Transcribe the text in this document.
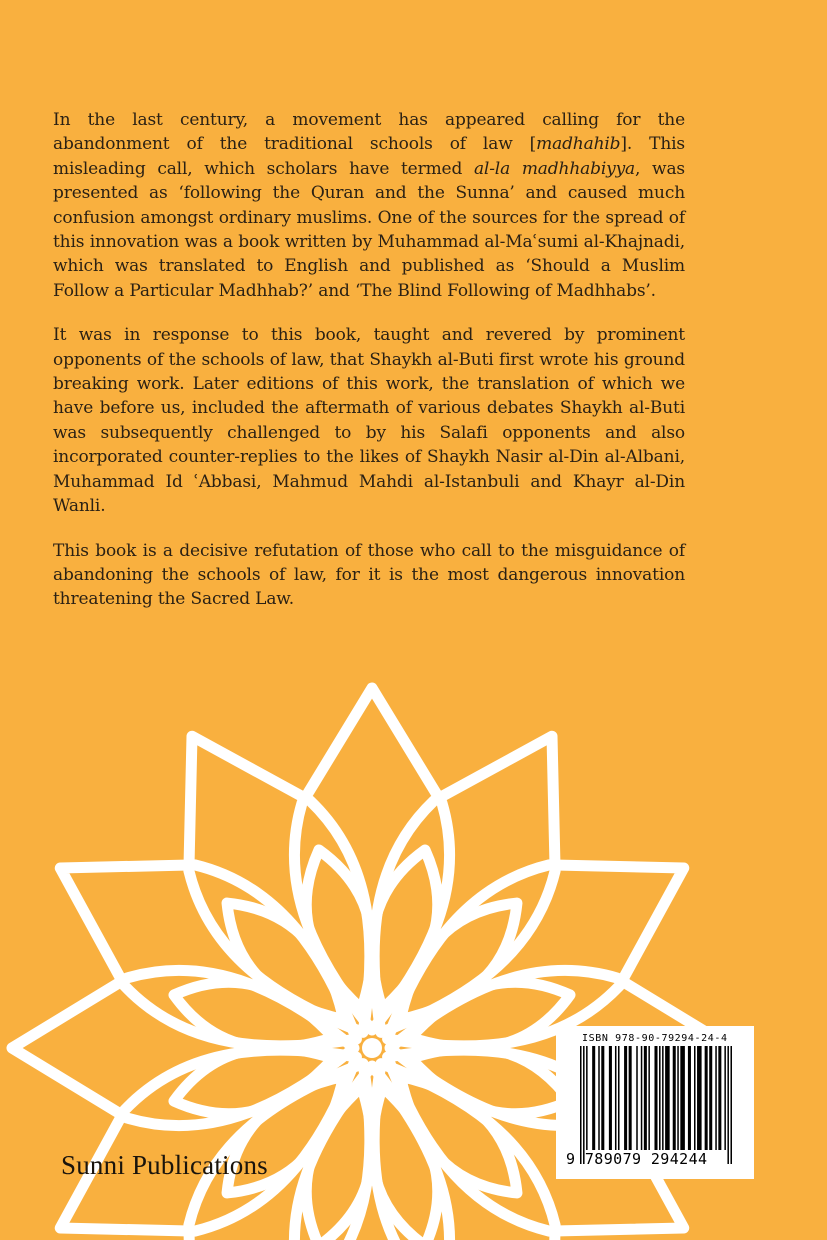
In the last century, a movement has appeared calling for the abandonment of the traditional schools of law [madhahib]. This misleading call, which scholars have termed al-la madhhabiyya, was presented as ‘following the Quran and the Sunna’ and caused much confusion amongst ordinary muslims. One of the sources for the spread of this innovation was a book written by Muhammad al-Maʿsumi al-Khajnadi, which was translated to English and published as ‘Should a Muslim Follow a Particular Madhhab?’ and ‘The Blind Following of Madhhabs’.

It was in response to this book, taught and revered by prominent opponents of the schools of law, that Shaykh al-Buti first wrote his ground breaking work. Later editions of this work, the translation of which we have before us, included the aftermath of various debates Shaykh al-Buti was subsequently challenged to by his Salafi opponents and also incorporated counter-replies to the likes of Shaykh Nasir al-Din al-Albani, Muhammad Id ʿAbbasi, Mahmud Mahdi al-Istanbuli and Khayr al-Din Wanli.

This book is a decisive refutation of those who call to the misguidance of abandoning the schools of law, for it is the most dangerous innovation threatening the Sacred Law.

Sunni Publications
ISBN 978-90-79294-24-4
9 789079 294244
